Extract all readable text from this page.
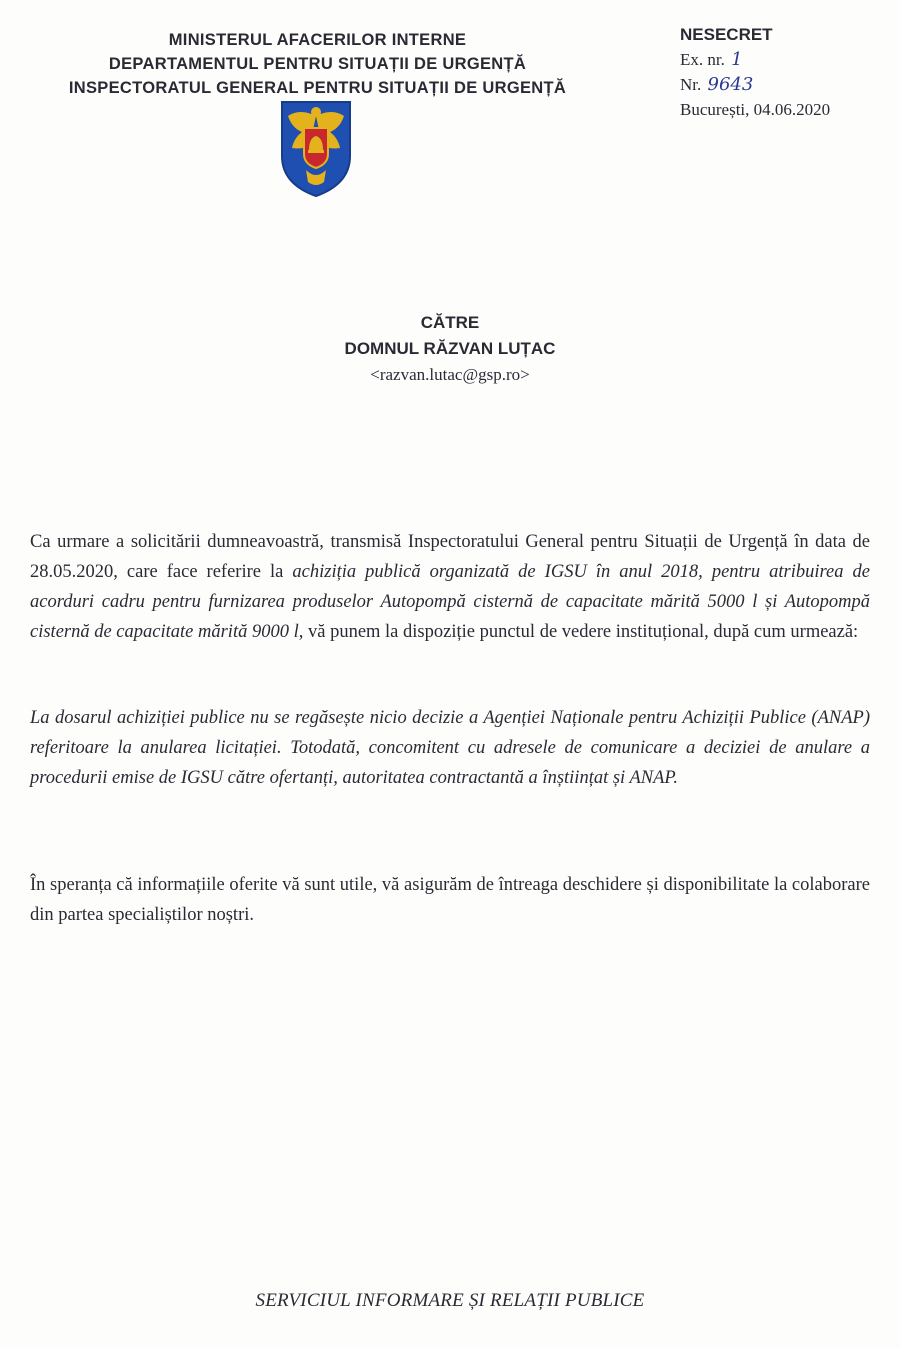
MINISTERUL AFACERILOR INTERNE
DEPARTAMENTUL PENTRU SITUAȚII DE URGENȚĂ
INSPECTORATUL GENERAL PENTRU SITUAȚII DE URGENȚĂ
NESECRET
Ex. nr. 1
Nr. 9643
București, 04.06.2020
CĂTRE
DOMNUL RĂZVAN LUȚAC
<razvan.lutac@gsp.ro>
Ca urmare a solicitării dumneavoastră, transmisă Inspectoratului General pentru Situații de Urgență în data de 28.05.2020, care face referire la achiziția publică organizată de IGSU în anul 2018, pentru atribuirea de acorduri cadru pentru furnizarea produselor Autopompă cisternă de capacitate mărită 5000 l și Autopompă cisternă de capacitate mărită 9000 l, vă punem la dispoziție punctul de vedere instituțional, după cum urmează:
La dosarul achiziției publice nu se regăsește nicio decizie a Agenției Naționale pentru Achiziții Publice (ANAP) referitoare la anularea licitației. Totodată, concomitent cu adresele de comunicare a deciziei de anulare a procedurii emise de IGSU către ofertanți, autoritatea contractantă a înștiințat și ANAP.
În speranța că informațiile oferite vă sunt utile, vă asigurăm de întreaga deschidere și disponibilitate la colaborare din partea specialiștilor noștri.
SERVICIUL INFORMARE ȘI RELAȚII PUBLICE
